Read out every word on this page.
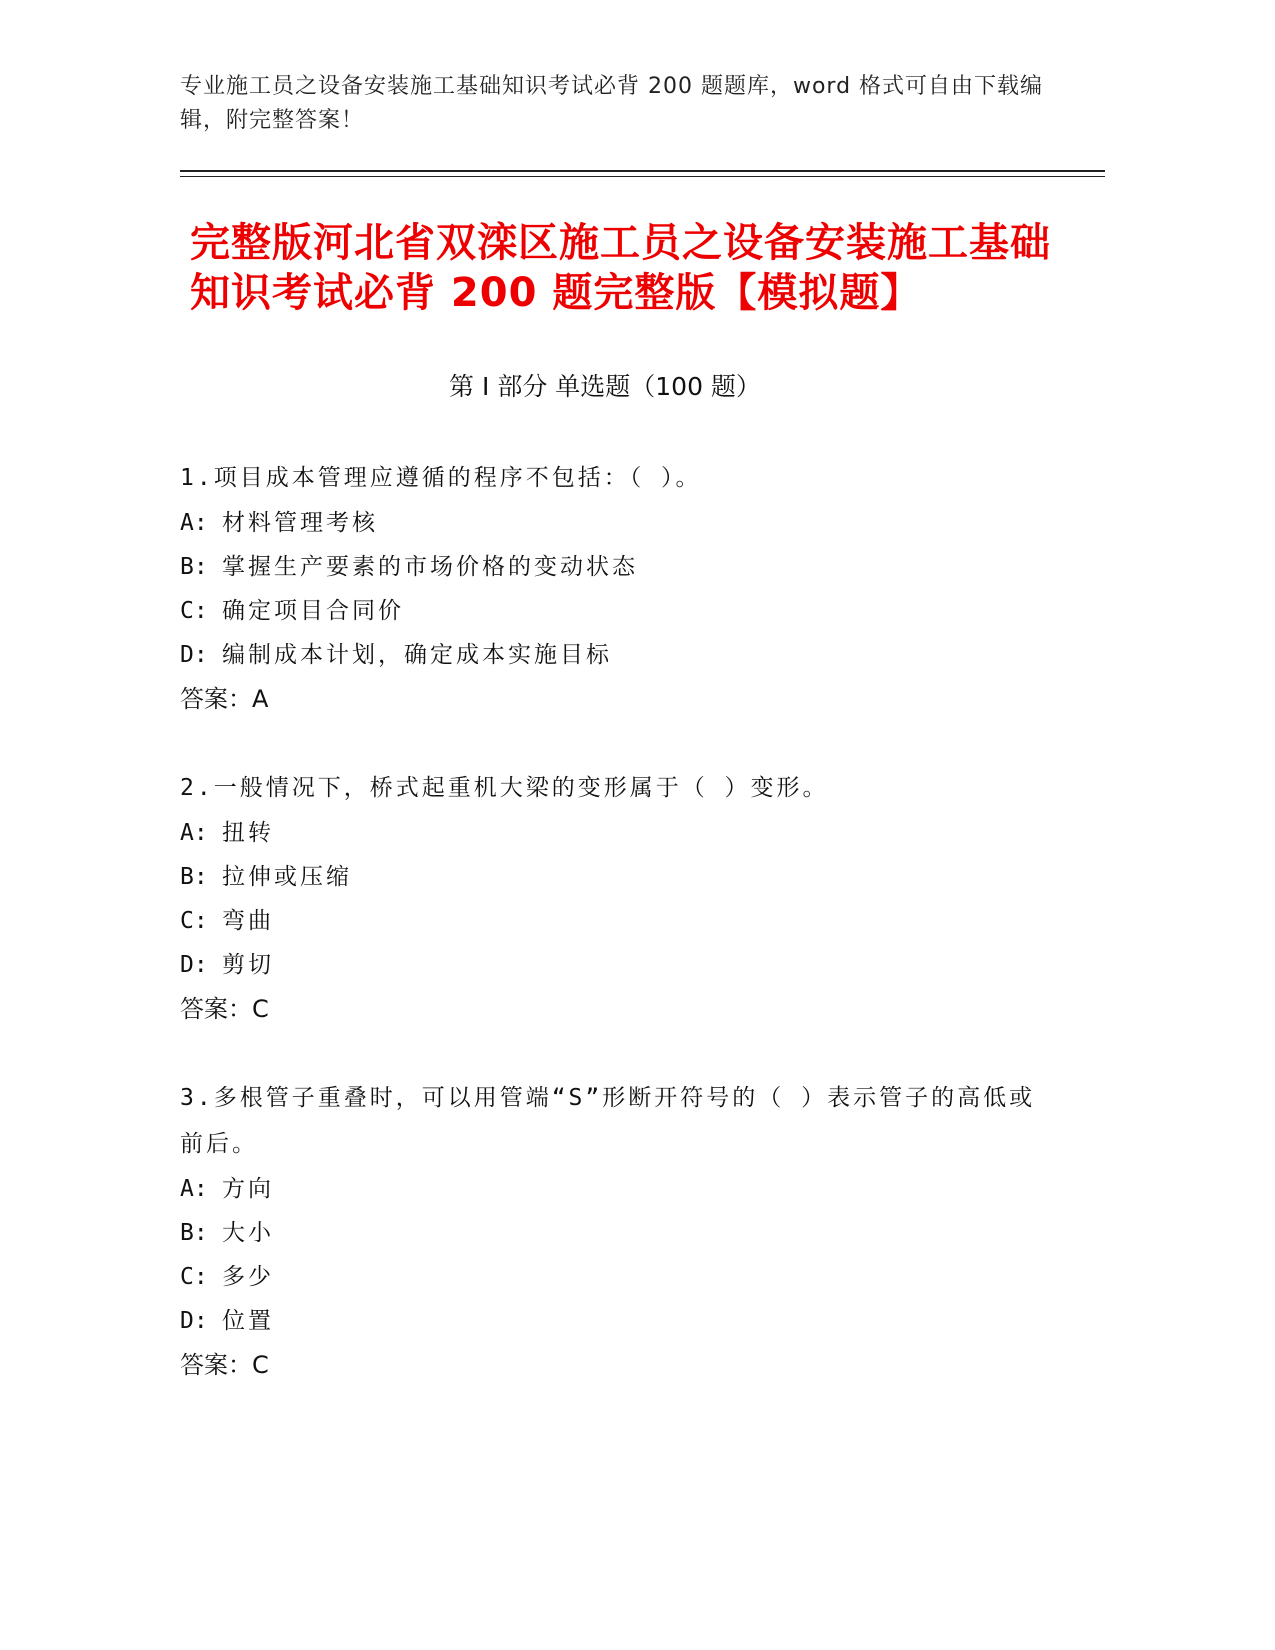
专业施工员之设备安装施工基础知识考试必背 200 题题库，word 格式可自由下载编辑，附完整答案！
完整版河北省双滦区施工员之设备安装施工基础知识考试必背 200 题完整版【模拟题】
第 I 部分 单选题（100 题）
1.项目成本管理应遵循的程序不包括：（ ）。
A: 材料管理考核
B: 掌握生产要素的市场价格的变动状态
C: 确定项目合同价
D: 编制成本计划，确定成本实施目标
答案：A
2.一般情况下，桥式起重机大梁的变形属于（ ）变形。
A: 扭转
B: 拉伸或压缩
C: 弯曲
D: 剪切
答案：C
3.多根管子重叠时，可以用管端“S”形断开符号的（ ）表示管子的高低或前后。
A: 方向
B: 大小
C: 多少
D: 位置
答案：C
